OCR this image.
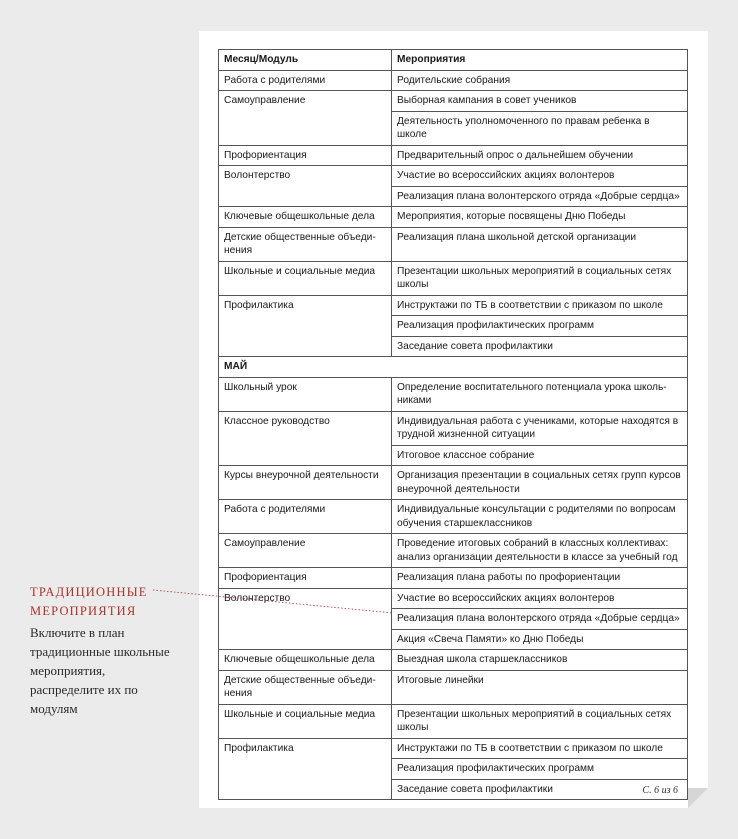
Месяц/Модуль	Мероприятия
Работа с родителями	Родительские собрания
Самоуправление	Выборная кампания в совет учеников
	Деятельность уполномоченного по правам ребенка в школе
Профориентация	Предварительный опрос о дальнейшем обучении
Волонтерство	Участие во всероссийских акциях волонтеров
	Реализация плана волонтерского отряда «Добрые сердца»
Ключевые общешкольные дела	Мероприятия, которые посвящены Дню Победы
Детские общественные объединения	Реализация плана школьной детской организации
Школьные и социальные медиа	Презентации школьных мероприятий в социальных сетях школы
Профилактика	Инструктажи по ТБ в соответствии с приказом по школе
	Реализация профилактических программ
	Заседание совета профилактики
МАЙ	
Школьный урок	Определение воспитательного потенциала урока школьниками
Классное руководство	Индивидуальная работа с учениками, которые находятся в трудной жизненной ситуации
	Итоговое классное собрание
Курсы внеурочной деятельности	Организация презентации в социальных сетях групп курсов внеурочной деятельности
Работа с родителями	Индивидуальные консультации с родителями по вопросам обучения старшеклассников
Самоуправление	Проведение итоговых собраний в классных коллективах: анализ организации деятельности в классе за учебный год
Профориентация	Реализация плана работы по профориентации
Волонтерство	Участие во всероссийских акциях волонтеров
	Реализация плана волонтерского отряда «Добрые сердца»
	Акция «Свеча Памяти» ко Дню Победы
Ключевые общешкольные дела	Выездная школа старшеклассников
Детские общественные объединения	Итоговые линейки
Школьные и социальные медиа	Презентации школьных мероприятий в социальных сетях школы
Профилактика	Инструктажи по ТБ в соответствии с приказом по школе
	Реализация профилактических программ
	Заседание совета профилактики	С. 6 из 6
ТРАДИЦИОННЫЕ
МЕРОПРИЯТИЯ
Включите в план традиционные школьные мероприятия, распределите их по модулям
